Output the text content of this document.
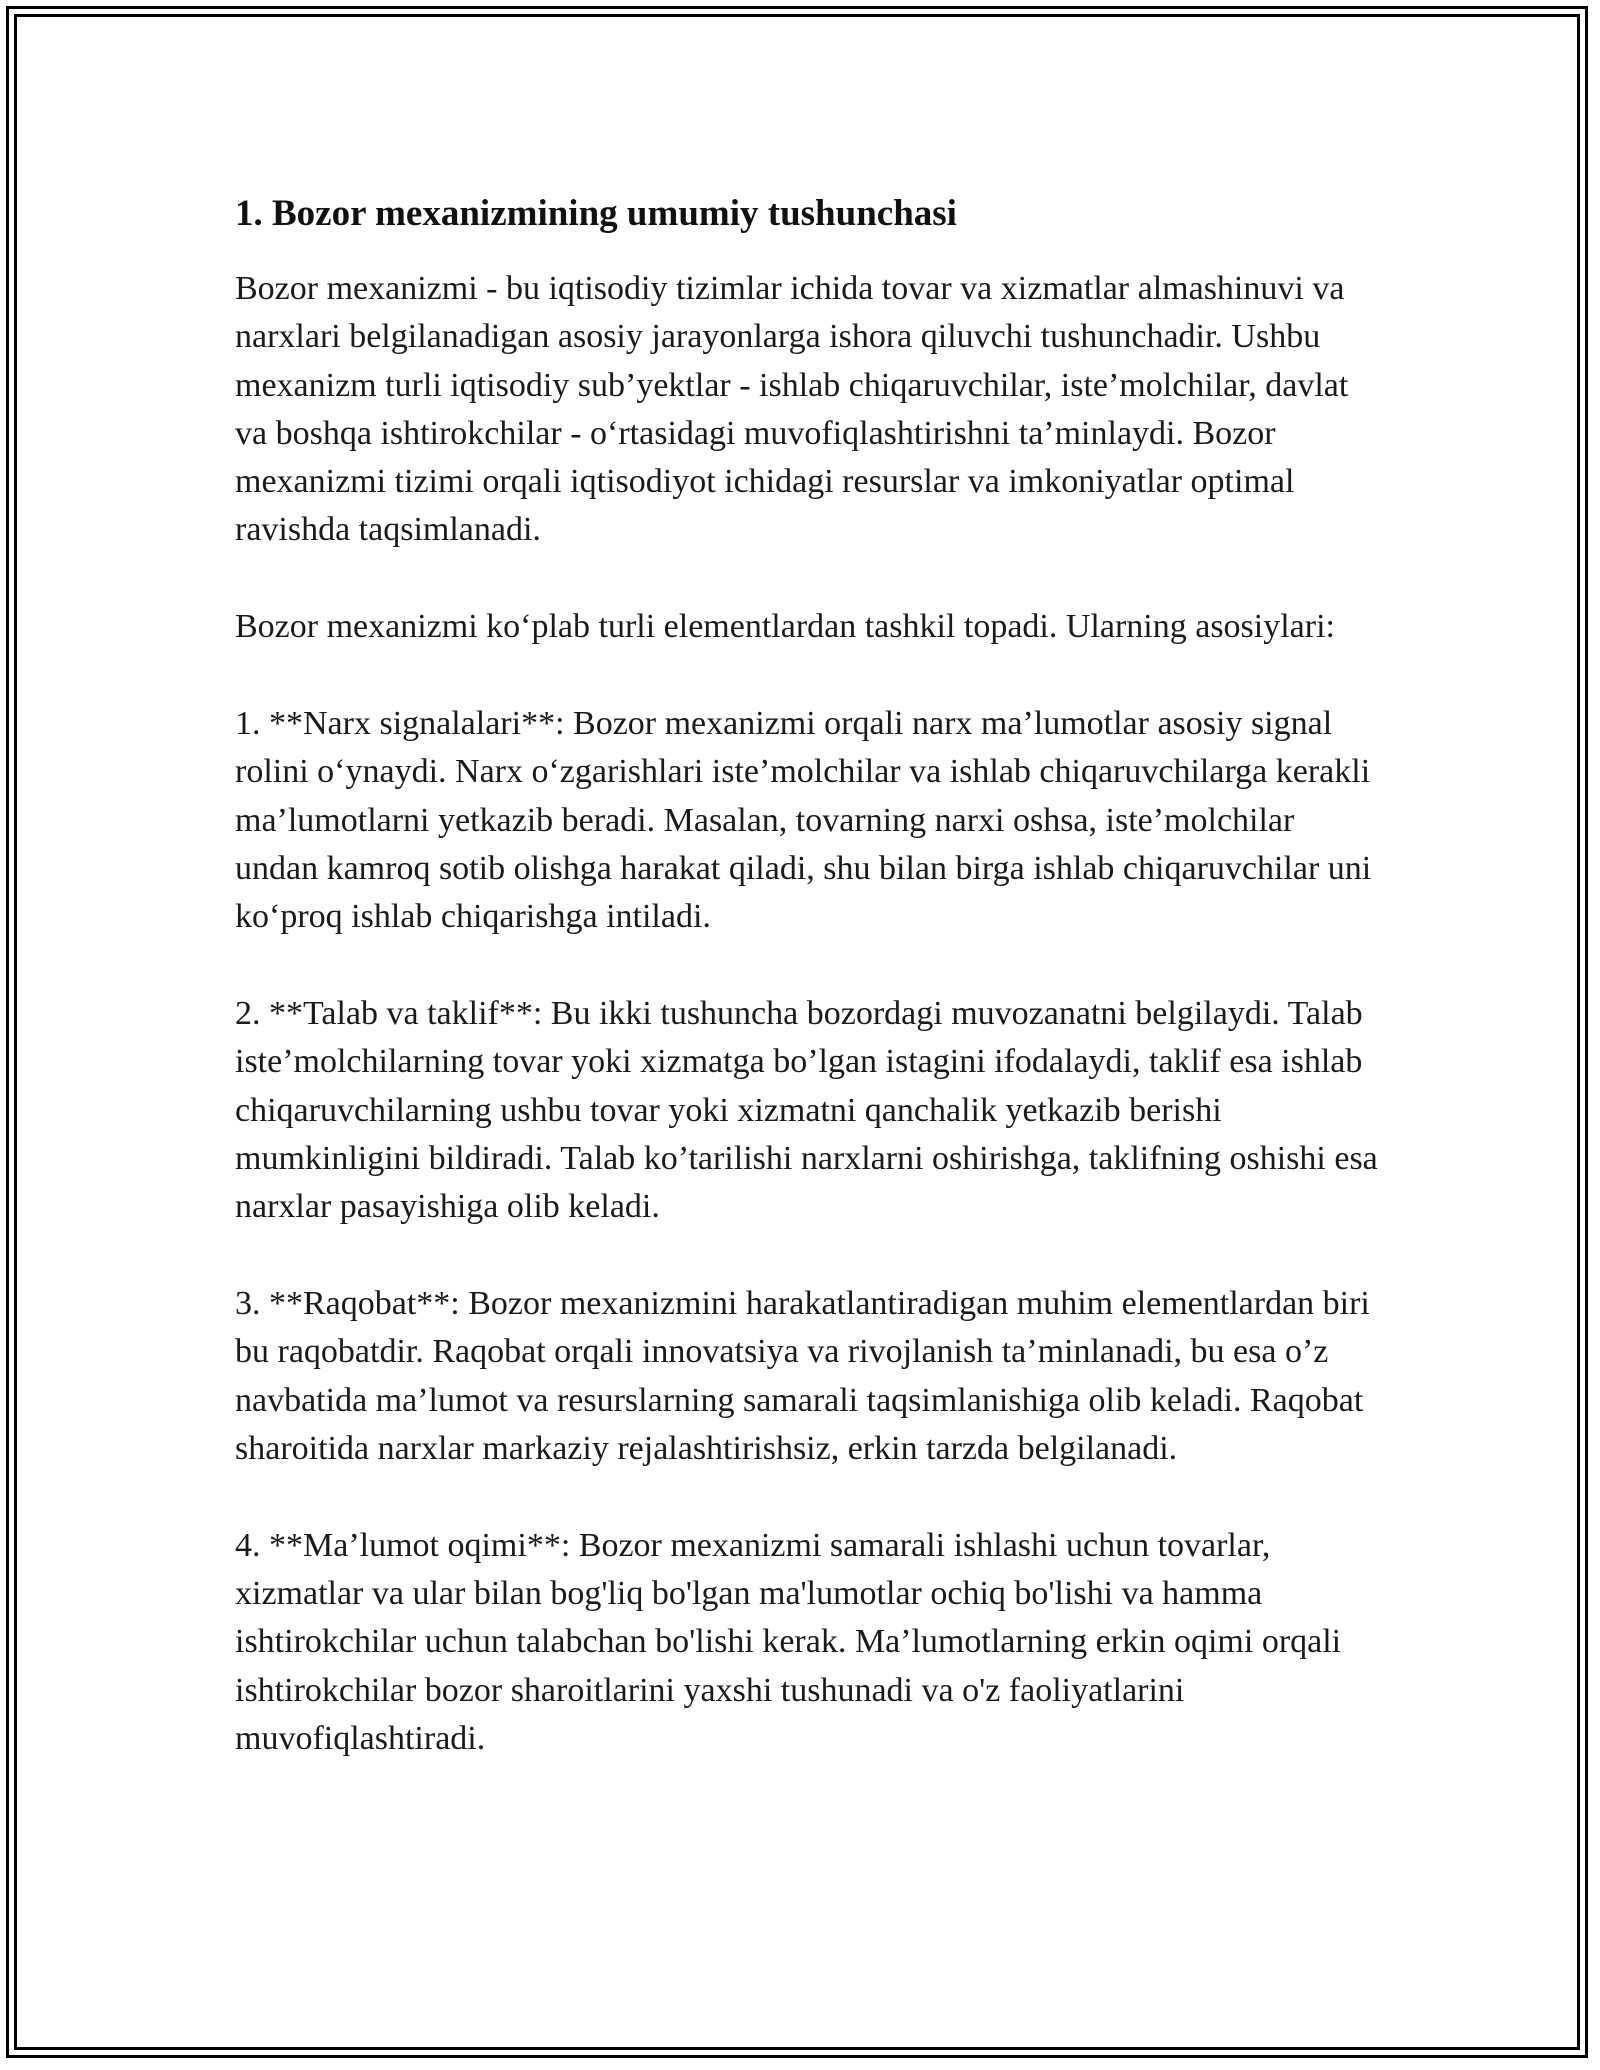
1. Bozor mexanizmining umumiy tushunchasi

Bozor mexanizmi - bu iqtisodiy tizimlar ichida tovar va xizmatlar almashinuvi va narxlari belgilanadigan asosiy jarayonlarga ishora qiluvchi tushunchadir. Ushbu mexanizm turli iqtisodiy sub’yektlar - ishlab chiqaruvchilar, iste’molchilar, davlat va boshqa ishtirokchilar - o‘rtasidagi muvofiqlashtirishni ta’minlaydi. Bozor mexanizmi tizimi orqali iqtisodiyot ichidagi resurslar va imkoniyatlar optimal ravishda taqsimlanadi.

Bozor mexanizmi ko‘plab turli elementlardan tashkil topadi. Ularning asosiylari:

1. **Narx signalalari**: Bozor mexanizmi orqali narx ma’lumotlar asosiy signal rolini o‘ynaydi. Narx o‘zgarishlari iste’molchilar va ishlab chiqaruvchilarga kerakli ma’lumotlarni yetkazib beradi. Masalan, tovarning narxi oshsa, iste’molchilar undan kamroq sotib olishga harakat qiladi, shu bilan birga ishlab chiqaruvchilar uni ko‘proq ishlab chiqarishga intiladi.

2. **Talab va taklif**: Bu ikki tushuncha bozordagi muvozanatni belgilaydi. Talab iste’molchilarning tovar yoki xizmatga bo’lgan istagini ifodalaydi, taklif esa ishlab chiqaruvchilarning ushbu tovar yoki xizmatni qanchalik yetkazib berishi mumkinligini bildiradi. Talab ko’tarilishi narxlarni oshirishga, taklifning oshishi esa narxlar pasayishiga olib keladi.

3. **Raqobat**: Bozor mexanizmini harakatlantiradigan muhim elementlardan biri bu raqobatdir. Raqobat orqali innovatsiya va rivojlanish ta’minlanadi, bu esa o’z navbatida ma’lumot va resurslarning samarali taqsimlanishiga olib keladi. Raqobat sharoitida narxlar markaziy rejalashtirishsiz, erkin tarzda belgilanadi.

4. **Ma’lumot oqimi**: Bozor mexanizmi samarali ishlashi uchun tovarlar, xizmatlar va ular bilan bog'liq bo'lgan ma'lumotlar ochiq bo'lishi va hamma ishtirokchilar uchun talabchan bo'lishi kerak. Ma’lumotlarning erkin oqimi orqali ishtirokchilar bozor sharoitlarini yaxshi tushunadi va o'z faoliyatlarini muvofiqlashtiradi.
